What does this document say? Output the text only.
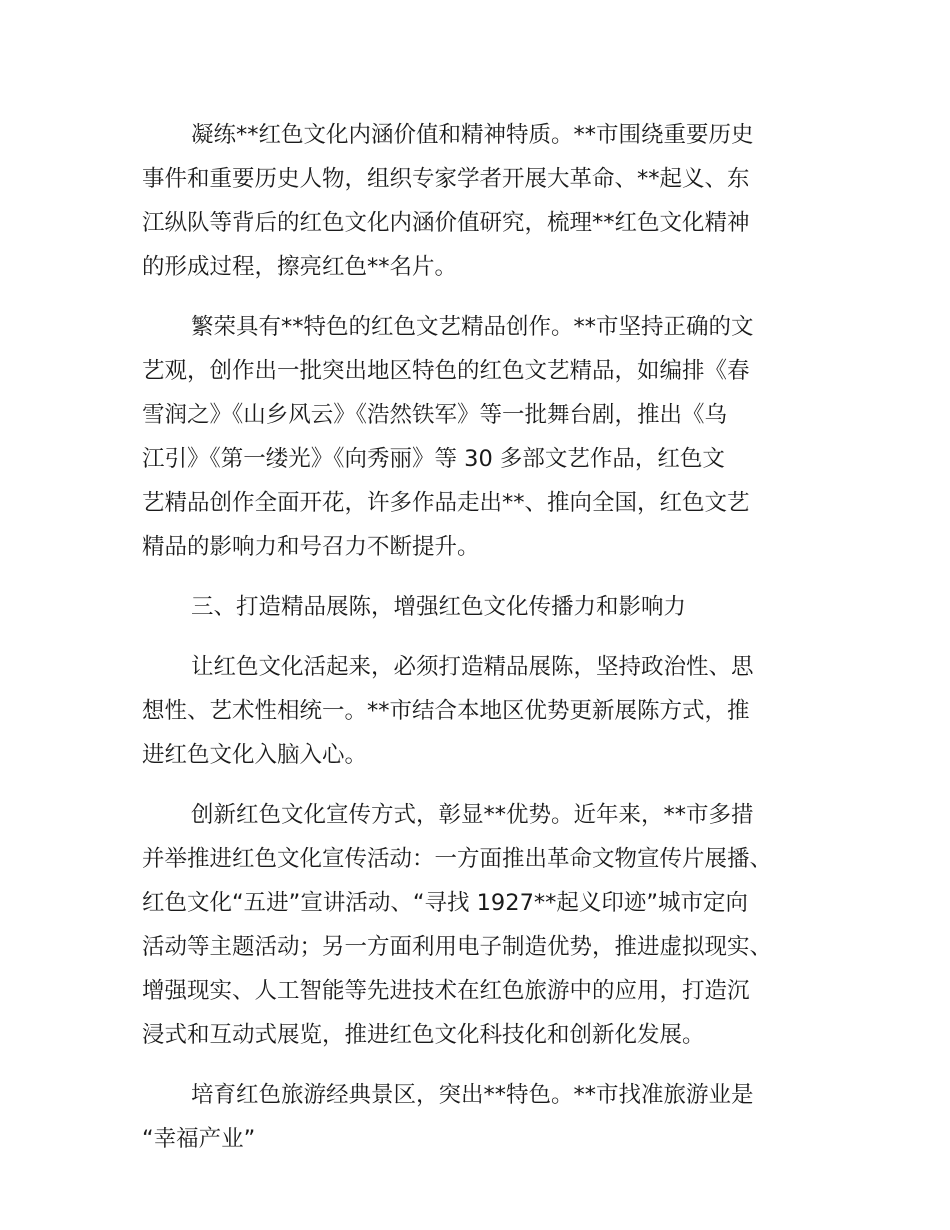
凝练**红色文化内涵价值和精神特质。**市围绕重要历史
事件和重要历史人物，组织专家学者开展大革命、**起义、东
江纵队等背后的红色文化内涵价值研究，梳理**红色文化精神
的形成过程，擦亮红色**名片。
繁荣具有**特色的红色文艺精品创作。**市坚持正确的文
艺观，创作出一批突出地区特色的红色文艺精品，如编排《春
雪润之》《山乡风云》《浩然铁军》等一批舞台剧，推出《乌
江引》《第一缕光》《向秀丽》等 30 多部文艺作品，红色文
艺精品创作全面开花，许多作品走出**、推向全国，红色文艺
精品的影响力和号召力不断提升。
三、打造精品展陈，增强红色文化传播力和影响力
让红色文化活起来，必须打造精品展陈，坚持政治性、思
想性、艺术性相统一。**市结合本地区优势更新展陈方式，推
进红色文化入脑入心。
创新红色文化宣传方式，彰显**优势。近年来，**市多措
并举推进红色文化宣传活动：一方面推出革命文物宣传片展播、
红色文化“五进”宣讲活动、“寻找 1927**起义印迹”城市定向
活动等主题活动；另一方面利用电子制造优势，推进虚拟现实、
增强现实、人工智能等先进技术在红色旅游中的应用，打造沉
浸式和互动式展览，推进红色文化科技化和创新化发展。
培育红色旅游经典景区，突出**特色。**市找准旅游业是
“幸福产业”
